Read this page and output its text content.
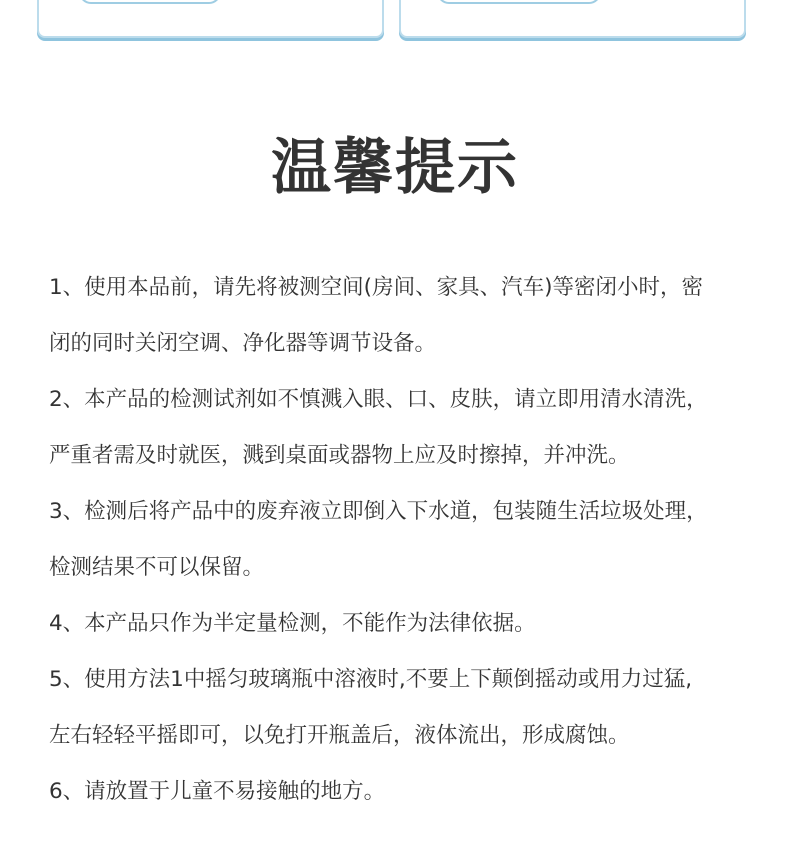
温馨提示
1、使用本品前，请先将被测空间(房间、家具、汽车)等密闭小时，密
闭的同时关闭空调、净化器等调节设备。
2、本产品的检测试剂如不慎溅入眼、口、皮肤，请立即用清水清洗，
严重者需及时就医，溅到桌面或器物上应及时擦掉，并冲洗。
3、检测后将产品中的废弃液立即倒入下水道，包装随生活垃圾处理，
检测结果不可以保留。
4、本产品只作为半定量检测，不能作为法律依据。
5、使用方法1中摇匀玻璃瓶中溶液时,不要上下颠倒摇动或用力过猛,
左右轻轻平摇即可，以免打开瓶盖后，液体流出，形成腐蚀。
6、请放置于儿童不易接触的地方。
